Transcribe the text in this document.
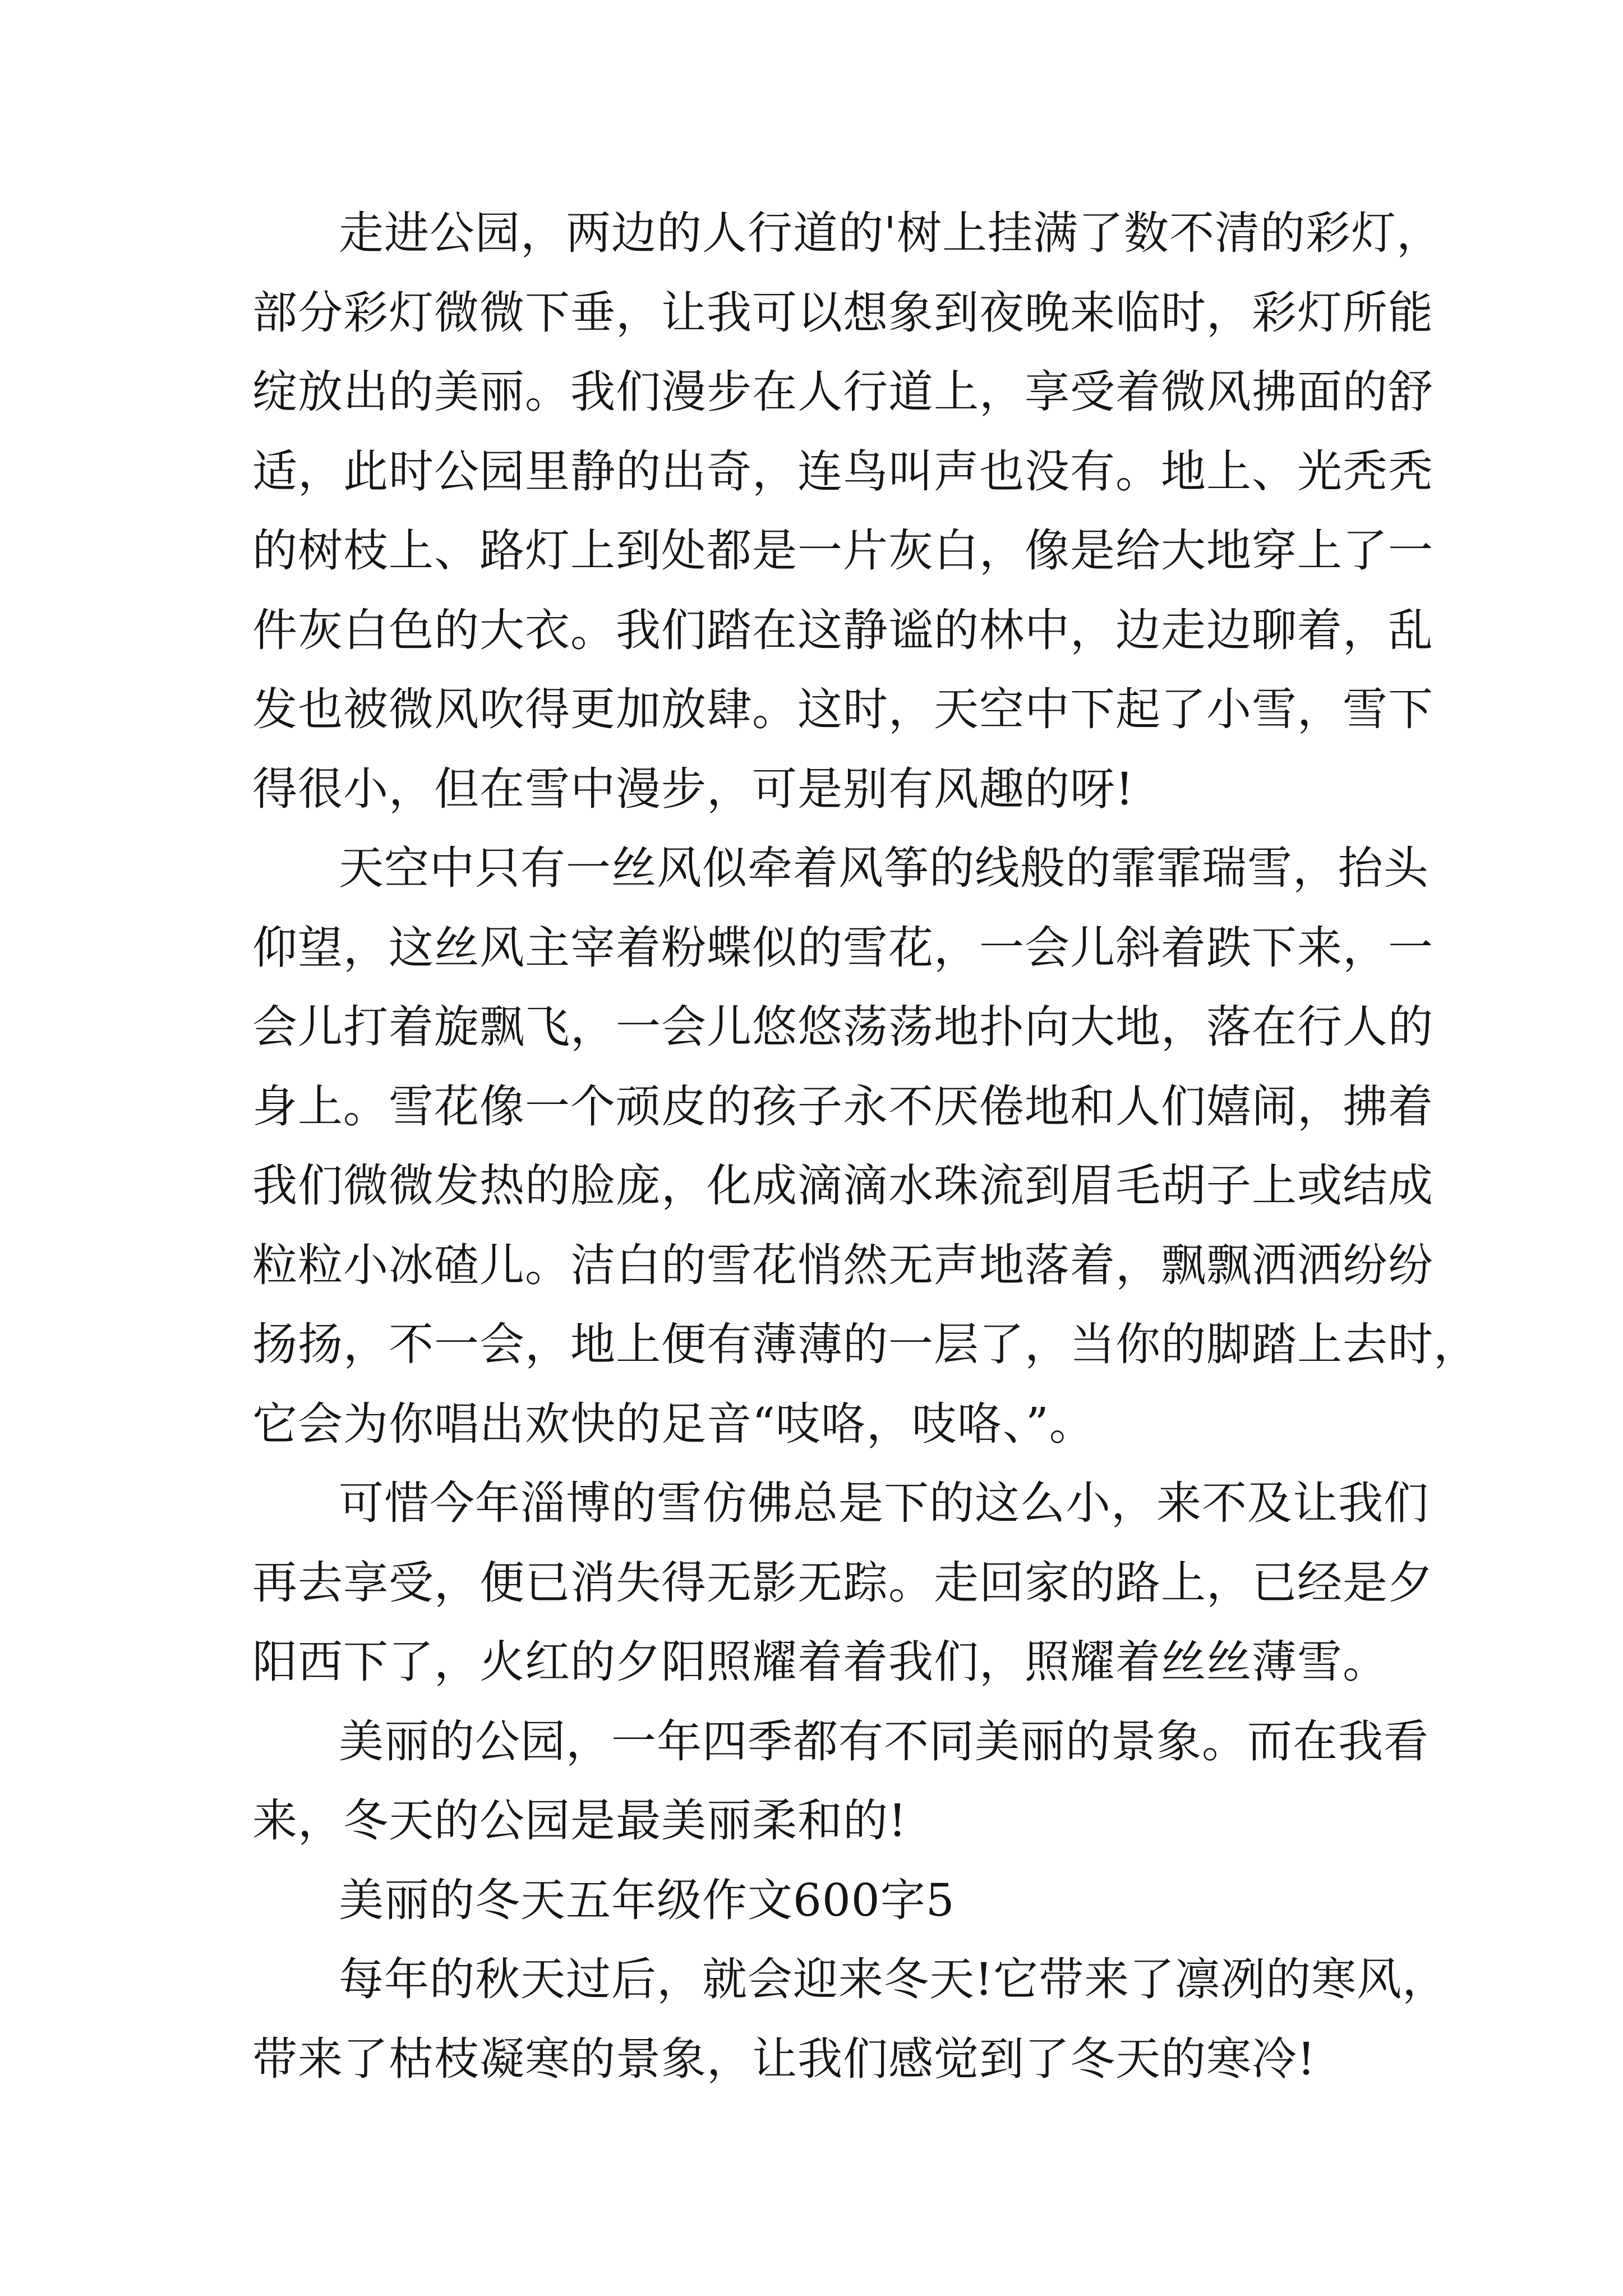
走进公园，两边的人行道的'树上挂满了数不清的彩灯，
部分彩灯微微下垂，让我可以想象到夜晚来临时，彩灯所能
绽放出的美丽。我们漫步在人行道上，享受着微风拂面的舒
适，此时公园里静的出奇，连鸟叫声也没有。地上、光秃秃
的树枝上、路灯上到处都是一片灰白，像是给大地穿上了一
件灰白色的大衣。我们踏在这静谧的林中，边走边聊着，乱
发也被微风吹得更加放肆。这时，天空中下起了小雪，雪下
得很小，但在雪中漫步，可是别有风趣的呀!
天空中只有一丝风似牵着风筝的线般的霏霏瑞雪，抬头
仰望，这丝风主宰着粉蝶似的雪花，一会儿斜着跌下来，一
会儿打着旋飘飞，一会儿悠悠荡荡地扑向大地，落在行人的
身上。雪花像一个顽皮的孩子永不厌倦地和人们嬉闹，拂着
我们微微发热的脸庞，化成滴滴水珠流到眉毛胡子上或结成
粒粒小冰碴儿。洁白的雪花悄然无声地落着，飘飘洒洒纷纷
扬扬，不一会，地上便有薄薄的一层了，当你的脚踏上去时，
它会为你唱出欢快的足音“吱咯，吱咯、”。
可惜今年淄博的雪仿佛总是下的这么小，来不及让我们
再去享受，便已消失得无影无踪。走回家的路上，已经是夕
阳西下了，火红的夕阳照耀着着我们，照耀着丝丝薄雪。
美丽的公园，一年四季都有不同美丽的景象。而在我看
来，冬天的公园是最美丽柔和的!
美丽的冬天五年级作文600字5
每年的秋天过后，就会迎来冬天!它带来了凛冽的寒风，
带来了枯枝凝寒的景象，让我们感觉到了冬天的寒冷!
